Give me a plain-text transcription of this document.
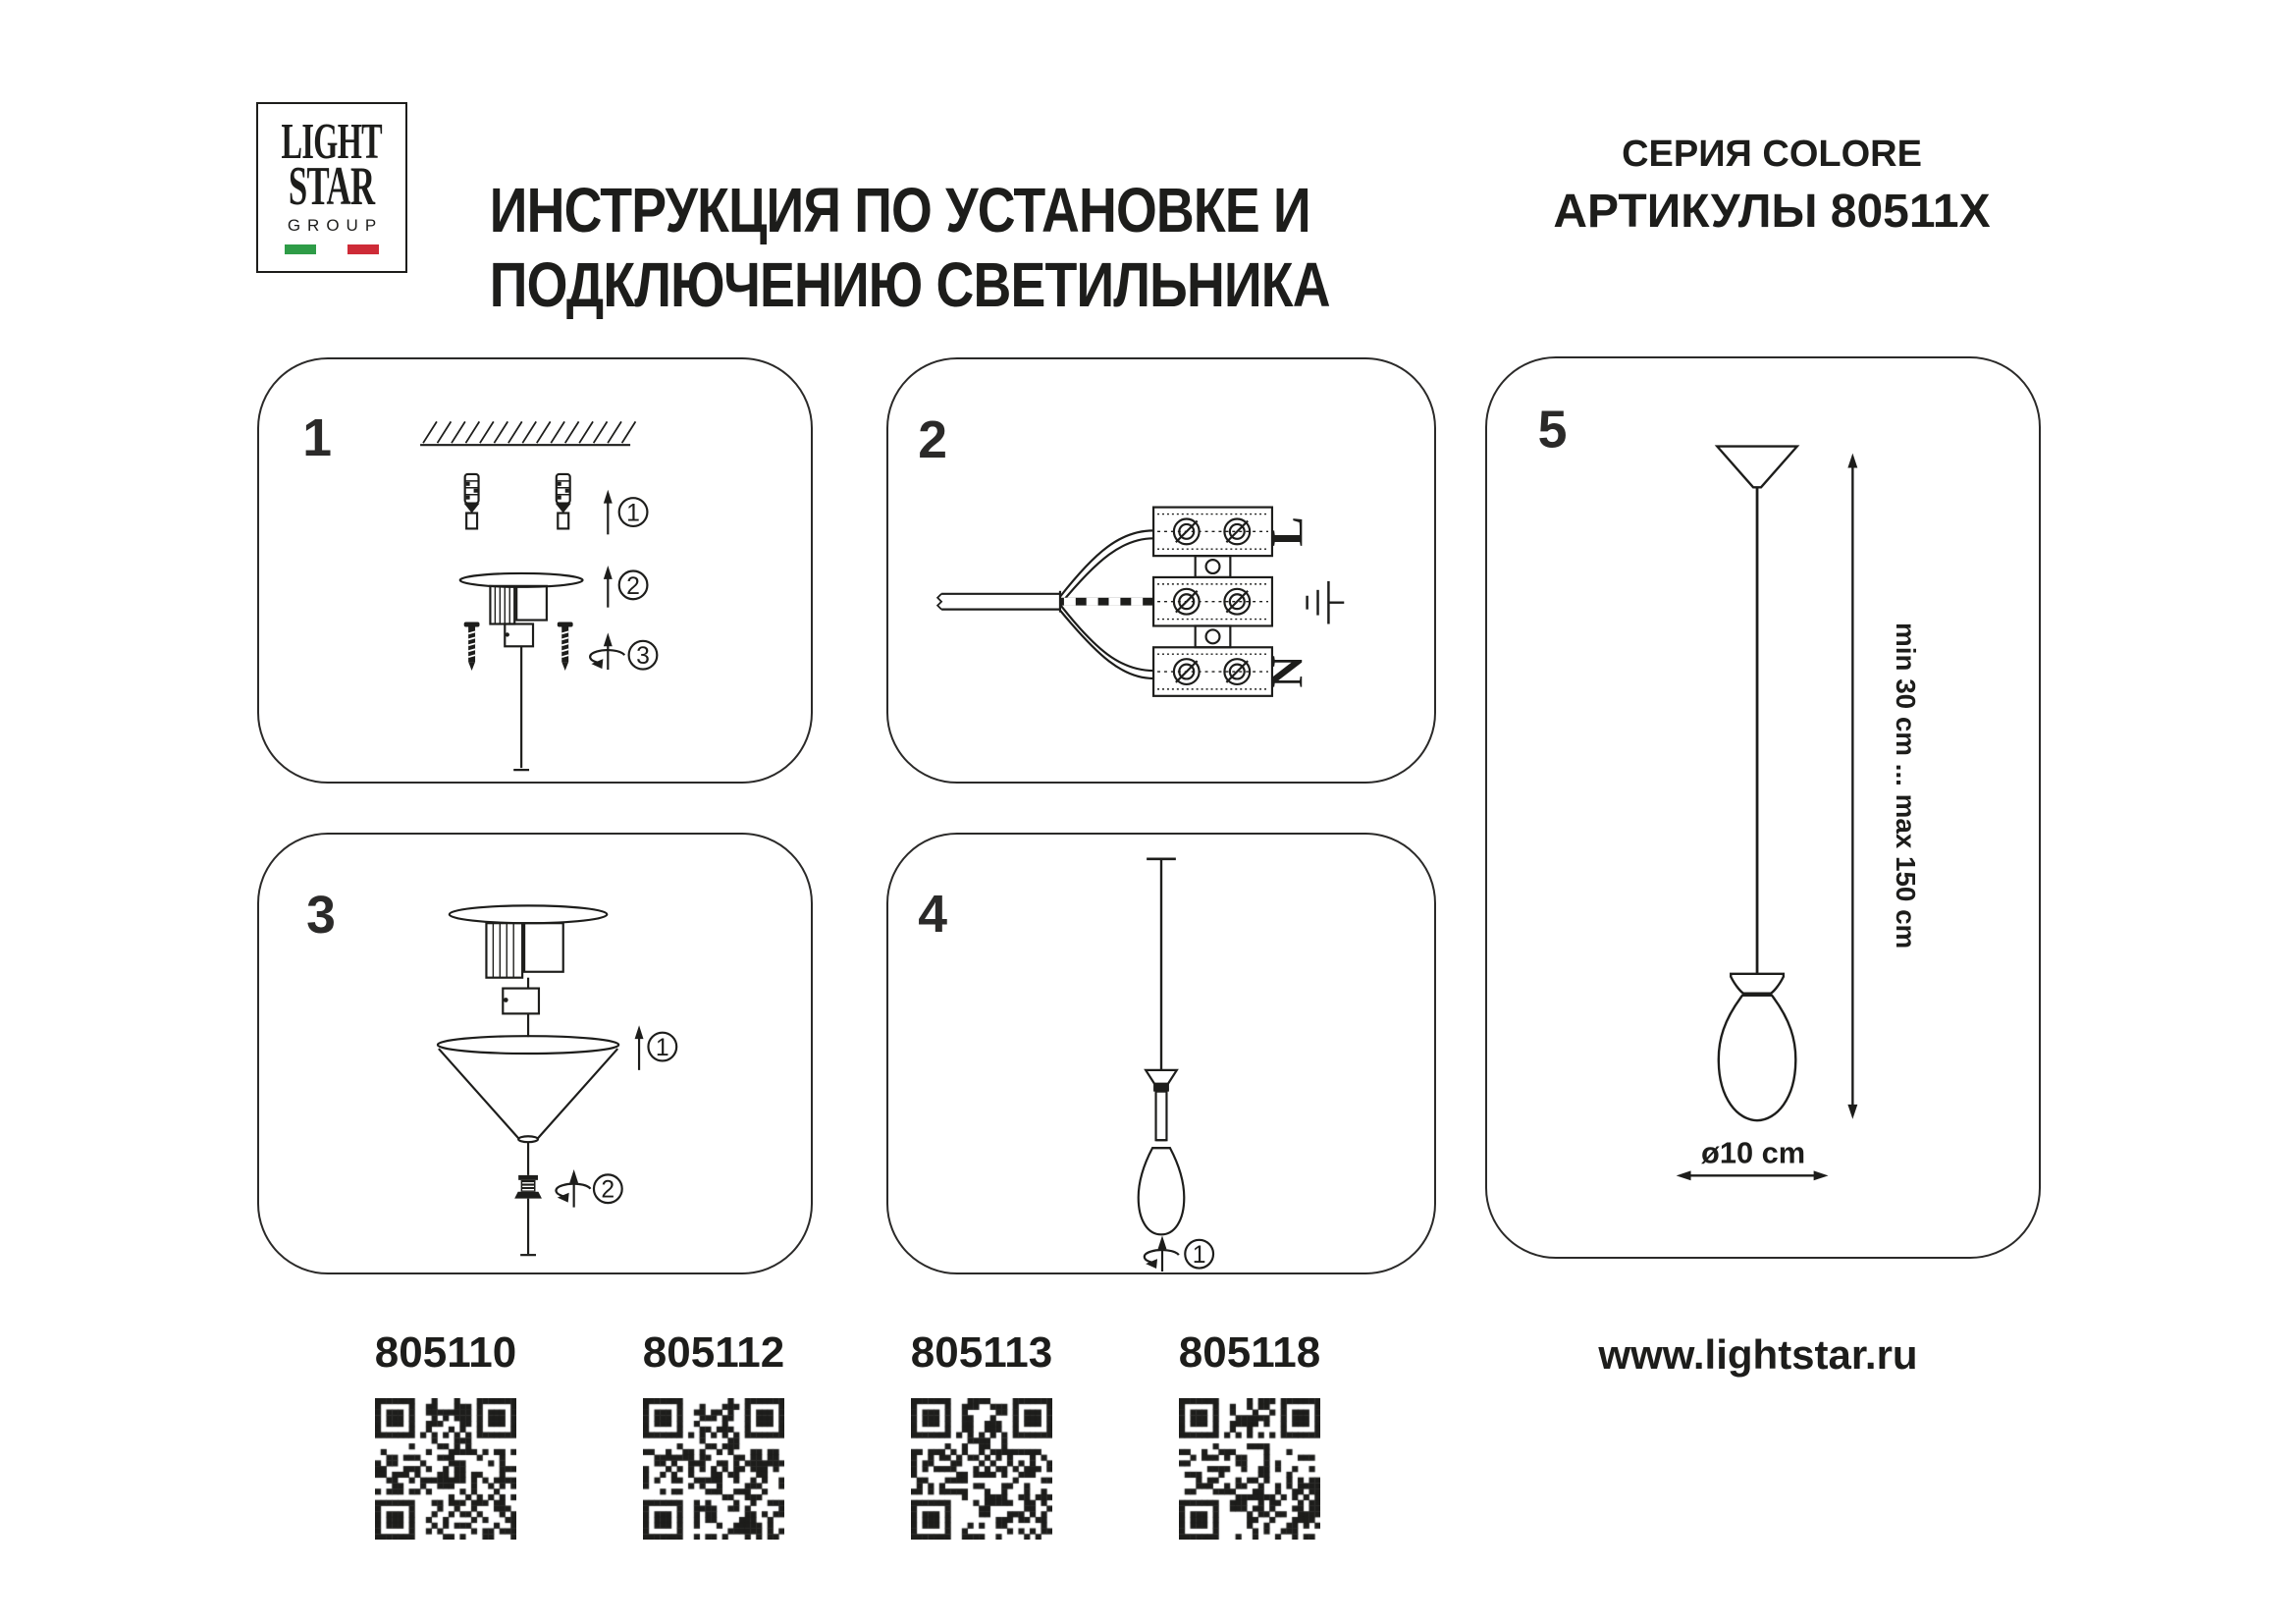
LIGHT
STAR
GROUP ИНСТРУКЦИЯ ПО УСТАНОВКЕ И
ПОДКЛЮЧЕНИЮ СВЕТИЛЬНИКА
СЕРИЯ COLORE
АРТИКУЛЫ 80511X
1
1
2
3
2
L
N
3
1
2
4
1
5
min 30 cm ... max 150 cm
ø10 cm
805110	805112	805113	805118	www.lightstar.ru
